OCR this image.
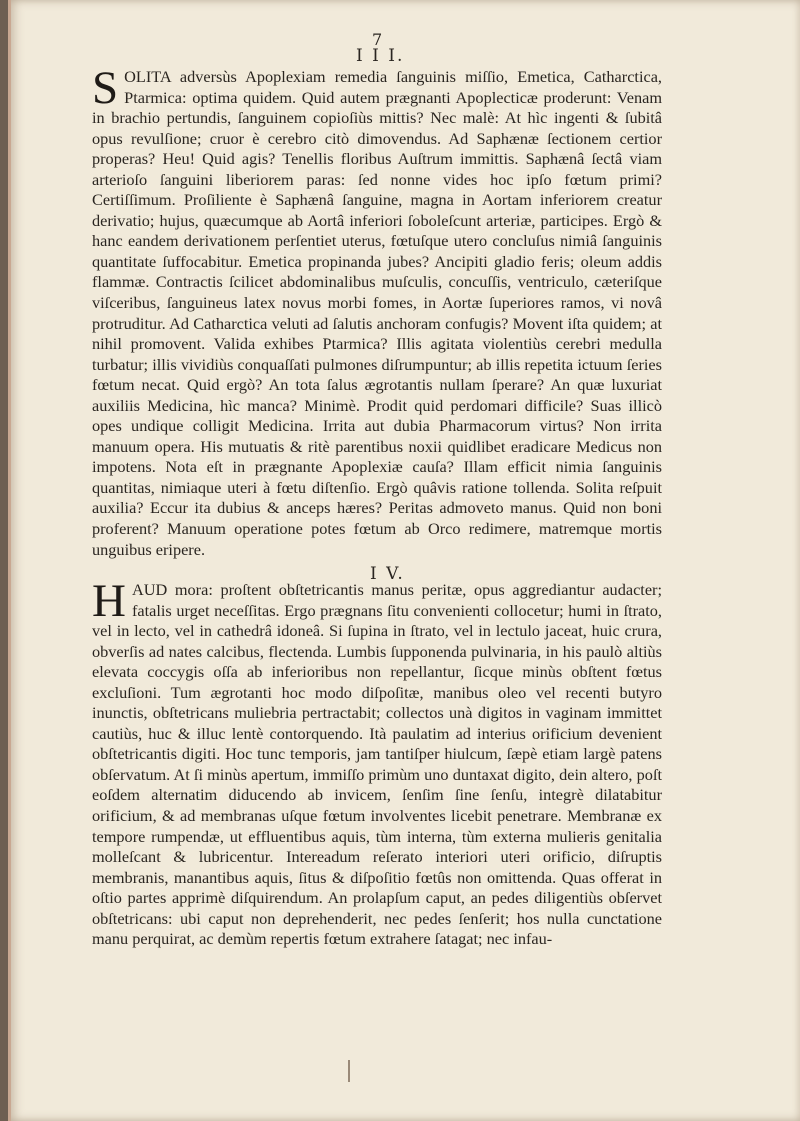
7
I I I.
SOLITA adversùs Apoplexiam remedia ſanguinis miſſio, Emetica, Catharctica, Ptarmica: optima quidem. Quid autem prægnanti Apoplecticæ proderunt: Venam in brachio pertundis, ſanguinem copioſiùs mittis? Nec malè: At hìc ingenti & ſubitâ opus revulſione; cruor è cerebro citò dimovendus. Ad Saphænæ ſectionem certior properas? Heu! Quid agis? Tenellis floribus Auſtrum immittis. Saphænâ ſectâ viam arterioſo ſanguini liberiorem paras: ſed nonne vides hoc ipſo fœtum primi? Certiſſimum. Proſiliente è Saphænâ ſanguine, magna in Aortam inferiorem creatur derivatio; hujus, quæcumque ab Aortâ inferiori ſoboleſcunt arteriæ, participes. Ergò & hanc eandem derivationem perſentiet uterus, fœtuſque utero concluſus nimiâ ſanguinis quantitate ſuffocabitur. Emetica propinanda jubes? Ancipiti gladio feris; oleum addis flammæ. Contractis ſcilicet abdominalibus muſculis, concuſſis, ventriculo, cæteriſque viſceribus, ſanguineus latex novus morbi fomes, in Aortæ ſuperiores ramos, vi novâ protruditur. Ad Catharctica veluti ad ſalutis anchoram confugis? Movent iſta quidem; at nihil promovent. Valida exhibes Ptarmica? Illis agitata violentiùs cerebri medulla turbatur; illis vividiùs conquaſſati pulmones diſrumpuntur; ab illis repetita ictuum ſeries fœtum necat. Quid ergò? An tota ſalus ægrotantis nullam ſperare? An quæ luxuriat auxiliis Medicina, hìc manca? Minimè. Prodit quid perdomari difficile? Suas illicò opes undique colligit Medicina. Irrita aut dubia Pharmacorum virtus? Non irrita manuum opera. His mutuatis & ritè parentibus noxii quidlibet eradicare Medicus non impotens. Nota eſt in prægnante Apoplexiæ cauſa? Illam efficit nimia ſanguinis quantitas, nimiaque uteri à fœtu diſtenſio. Ergò quâvis ratione tollenda. Solita reſpuit auxilia? Eccur ita dubius & anceps hæres? Peritas admoveto manus. Quid non boni proferent? Manuum operatione potes fœtum ab Orco redimere, matremque mortis unguibus eripere.
I V.
HAUD mora: proſtent obſtetricantis manus peritæ, opus aggrediantur audacter; fatalis urget neceſſitas. Ergo prægnans ſitu convenienti collocetur; humi in ſtrato, vel in lecto, vel in cathedrâ idoneâ. Si ſupina in ſtrato, vel in lectulo jaceat, huic crura, obverſis ad nates calcibus, flectenda. Lumbis ſupponenda pulvinaria, in his paulò altiùs elevata coccygis oſſa ab inferioribus non repellantur, ſicque minùs obſtent fœtus excluſioni. Tum ægrotanti hoc modo diſpoſitæ, manibus oleo vel recenti butyro inunctis, obſtetricans muliebria pertractabit; collectos unà digitos in vaginam immittet cautiùs, huc & illuc lentè contorquendo. Ità paulatim ad interius orificium devenient obſtetricantis digiti. Hoc tunc temporis, jam tantiſper hiulcum, ſæpè etiam largè patens obſervatum. At ſi minùs apertum, immiſſo primùm uno duntaxat digito, dein altero, poſt eoſdem alternatim diducendo ab invicem, ſenſim ſine ſenſu, integrè dilatabitur orificium, & ad membranas uſque fœtum involventes licebit penetrare. Membranæ ex tempore rumpendæ, ut effluentibus aquis, tùm interna, tùm externa mulieris genitalia molleſcant & lubricentur. Intereadum reſerato interiori uteri orificio, diſruptis membranis, manantibus aquis, ſitus & diſpoſitio fœtûs non omittenda. Quas offerat in oſtio partes apprimè diſquirendum. An prolapſum caput, an pedes diligentiùs obſervet obſtetricans: ubi caput non deprehenderit, nec pedes ſenſerit; hos nulla cunctatione manu perquirat, ac demùm repertis fœtum extrahere ſatagat; nec infau-
